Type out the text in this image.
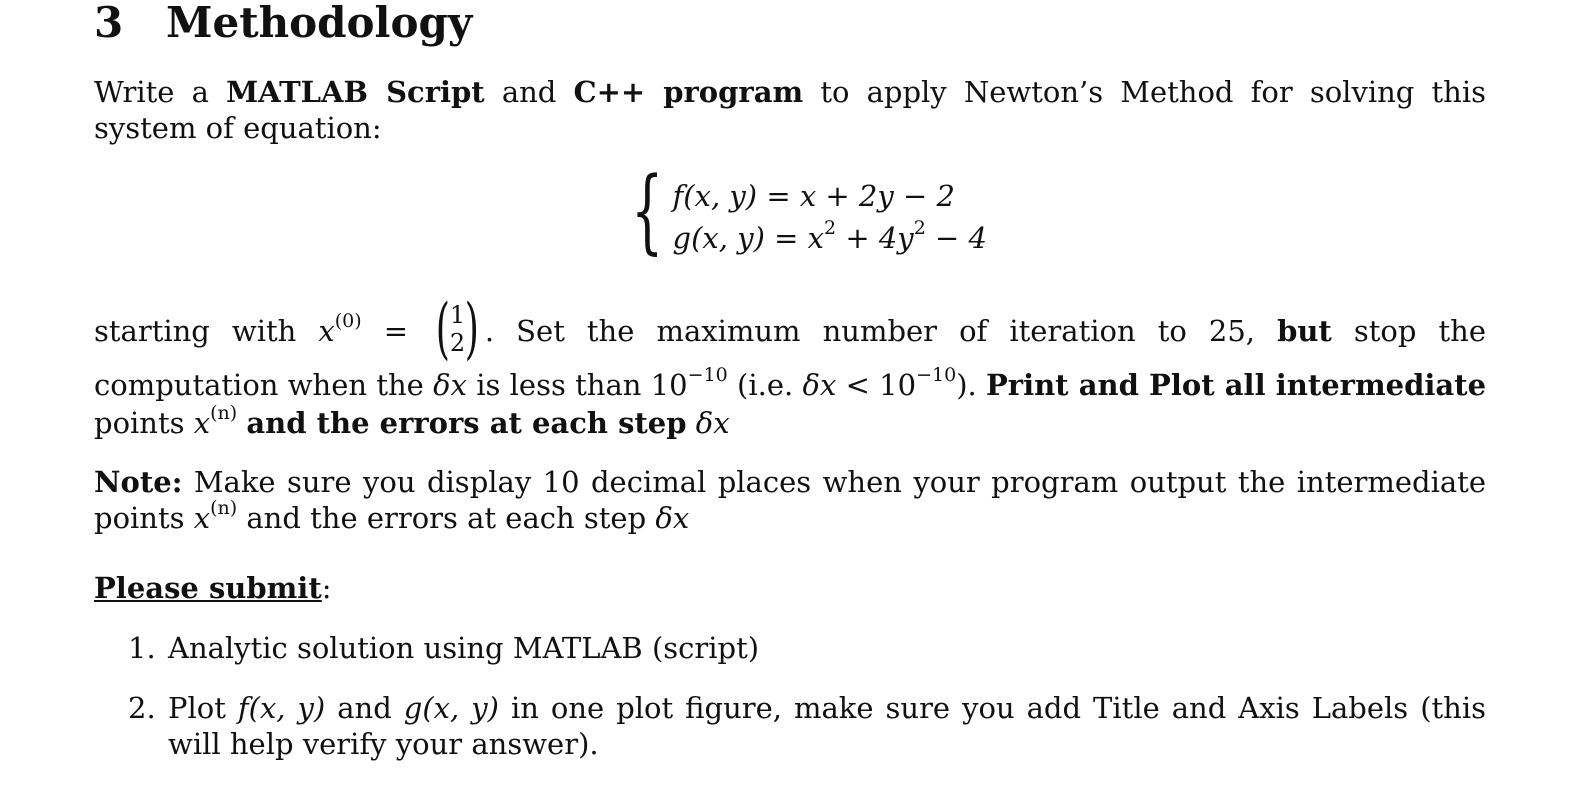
3 Methodology

Write a MATLAB Script and C++ program to apply Newton’s Method for solving this system of equation:

{ f(x, y) = x + 2y − 2
g(x, $y) = x^2 + 4y^2 - 4$

starting with $x^{(0)}$ = ( 1
2 ) . Set the maximum number of iteration to 25, but stop the computation when the δx is less than $10^{-10}$ (i.e. $\delta x < 10^{-10}$). Print and Plot all intermediate points $x^{(n)}$ and the errors at each step δx

Note: Make sure you display 10 decimal places when your program output the intermediate points $x^{(n)}$ and the errors at each step δx

Please submit:

1. Analytic solution using MATLAB (script)
2. Plot f(x, y) and g(x, y) in one plot figure, make sure you add Title and Axis Labels (this will help verify your answer).
